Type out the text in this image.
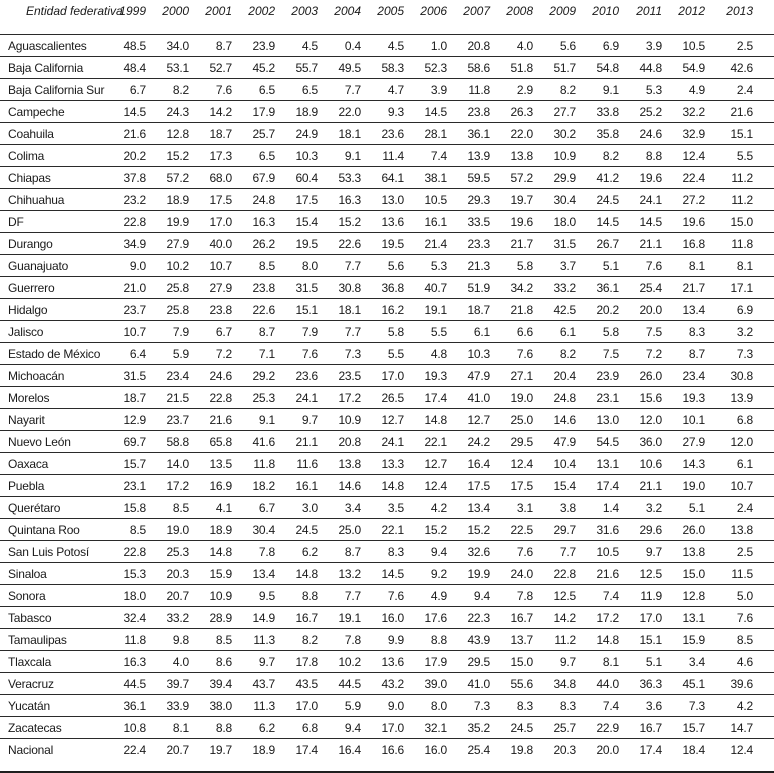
Entidad federativa	1999	2000	2001	2002	2003	2004	2005	2006	2007	2008	2009	2010	2011	2012	2013
Aguascalientes	48.5	34.0	8.7	23.9	4.5	0.4	4.5	1.0	20.8	4.0	5.6	6.9	3.9	10.5	2.5
Baja California	48.4	53.1	52.7	45.2	55.7	49.5	58.3	52.3	58.6	51.8	51.7	54.8	44.8	54.9	42.6
Baja California Sur	6.7	8.2	7.6	6.5	6.5	7.7	4.7	3.9	11.8	2.9	8.2	9.1	5.3	4.9	2.4
Campeche	14.5	24.3	14.2	17.9	18.9	22.0	9.3	14.5	23.8	26.3	27.7	33.8	25.2	32.2	21.6
Coahuila	21.6	12.8	18.7	25.7	24.9	18.1	23.6	28.1	36.1	22.0	30.2	35.8	24.6	32.9	15.1
Colima	20.2	15.2	17.3	6.5	10.3	9.1	11.4	7.4	13.9	13.8	10.9	8.2	8.8	12.4	5.5
Chiapas	37.8	57.2	68.0	67.9	60.4	53.3	64.1	38.1	59.5	57.2	29.9	41.2	19.6	22.4	11.2
Chihuahua	23.2	18.9	17.5	24.8	17.5	16.3	13.0	10.5	29.3	19.7	30.4	24.5	24.1	27.2	11.2
DF	22.8	19.9	17.0	16.3	15.4	15.2	13.6	16.1	33.5	19.6	18.0	14.5	14.5	19.6	15.0
Durango	34.9	27.9	40.0	26.2	19.5	22.6	19.5	21.4	23.3	21.7	31.5	26.7	21.1	16.8	11.8
Guanajuato	9.0	10.2	10.7	8.5	8.0	7.7	5.6	5.3	21.3	5.8	3.7	5.1	7.6	8.1	8.1
Guerrero	21.0	25.8	27.9	23.8	31.5	30.8	36.8	40.7	51.9	34.2	33.2	36.1	25.4	21.7	17.1
Hidalgo	23.7	25.8	23.8	22.6	15.1	18.1	16.2	19.1	18.7	21.8	42.5	20.2	20.0	13.4	6.9
Jalisco	10.7	7.9	6.7	8.7	7.9	7.7	5.8	5.5	6.1	6.6	6.1	5.8	7.5	8.3	3.2
Estado de México	6.4	5.9	7.2	7.1	7.6	7.3	5.5	4.8	10.3	7.6	8.2	7.5	7.2	8.7	7.3
Michoacán	31.5	23.4	24.6	29.2	23.6	23.5	17.0	19.3	47.9	27.1	20.4	23.9	26.0	23.4	30.8
Morelos	18.7	21.5	22.8	25.3	24.1	17.2	26.5	17.4	41.0	19.0	24.8	23.1	15.6	19.3	13.9
Nayarit	12.9	23.7	21.6	9.1	9.7	10.9	12.7	14.8	12.7	25.0	14.6	13.0	12.0	10.1	6.8
Nuevo León	69.7	58.8	65.8	41.6	21.1	20.8	24.1	22.1	24.2	29.5	47.9	54.5	36.0	27.9	12.0
Oaxaca	15.7	14.0	13.5	11.8	11.6	13.8	13.3	12.7	16.4	12.4	10.4	13.1	10.6	14.3	6.1
Puebla	23.1	17.2	16.9	18.2	16.1	14.6	14.8	12.4	17.5	17.5	15.4	17.4	21.1	19.0	10.7
Querétaro	15.8	8.5	4.1	6.7	3.0	3.4	3.5	4.2	13.4	3.1	3.8	1.4	3.2	5.1	2.4
Quintana Roo	8.5	19.0	18.9	30.4	24.5	25.0	22.1	15.2	15.2	22.5	29.7	31.6	29.6	26.0	13.8
San Luis Potosí	22.8	25.3	14.8	7.8	6.2	8.7	8.3	9.4	32.6	7.6	7.7	10.5	9.7	13.8	2.5
Sinaloa	15.3	20.3	15.9	13.4	14.8	13.2	14.5	9.2	19.9	24.0	22.8	21.6	12.5	15.0	11.5
Sonora	18.0	20.7	10.9	9.5	8.8	7.7	7.6	4.9	9.4	7.8	12.5	7.4	11.9	12.8	5.0
Tabasco	32.4	33.2	28.9	14.9	16.7	19.1	16.0	17.6	22.3	16.7	14.2	17.2	17.0	13.1	7.6
Tamaulipas	11.8	9.8	8.5	11.3	8.2	7.8	9.9	8.8	43.9	13.7	11.2	14.8	15.1	15.9	8.5
Tlaxcala	16.3	4.0	8.6	9.7	17.8	10.2	13.6	17.9	29.5	15.0	9.7	8.1	5.1	3.4	4.6
Veracruz	44.5	39.7	39.4	43.7	43.5	44.5	43.2	39.0	41.0	55.6	34.8	44.0	36.3	45.1	39.6
Yucatán	36.1	33.9	38.0	11.3	17.0	5.9	9.0	8.0	7.3	8.3	8.3	7.4	3.6	7.3	4.2
Zacatecas	10.8	8.1	8.8	6.2	6.8	9.4	17.0	32.1	35.2	24.5	25.7	22.9	16.7	15.7	14.7
Nacional	22.4	20.7	19.7	18.9	17.4	16.4	16.6	16.0	25.4	19.8	20.3	20.0	17.4	18.4	12.4
